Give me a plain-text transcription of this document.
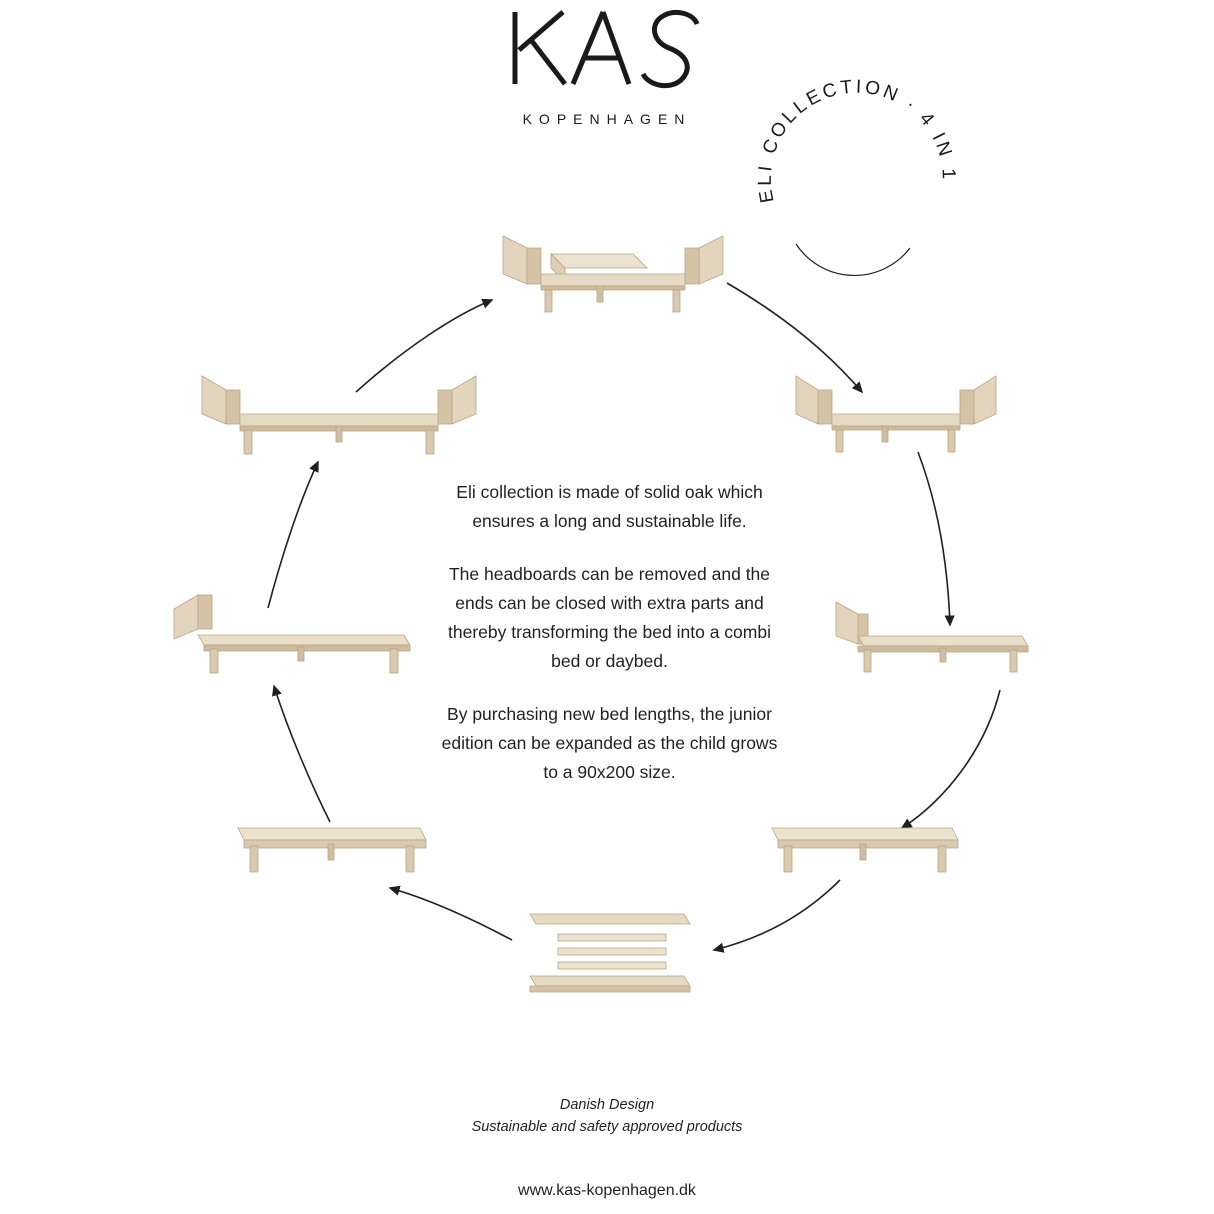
KOPENHAGEN
ELI COLLECTION · 4 IN 1

Eli collection is made of solid oak which ensures a long and sustainable life.

The headboards can be removed and the ends can be closed with extra parts and thereby transforming the bed into a combi bed or daybed.

By purchasing new bed lengths, the junior edition can be expanded as the child grows to a 90x200 size.

Danish Design
Sustainable and safety approved products
www.kas-kopenhagen.dk
